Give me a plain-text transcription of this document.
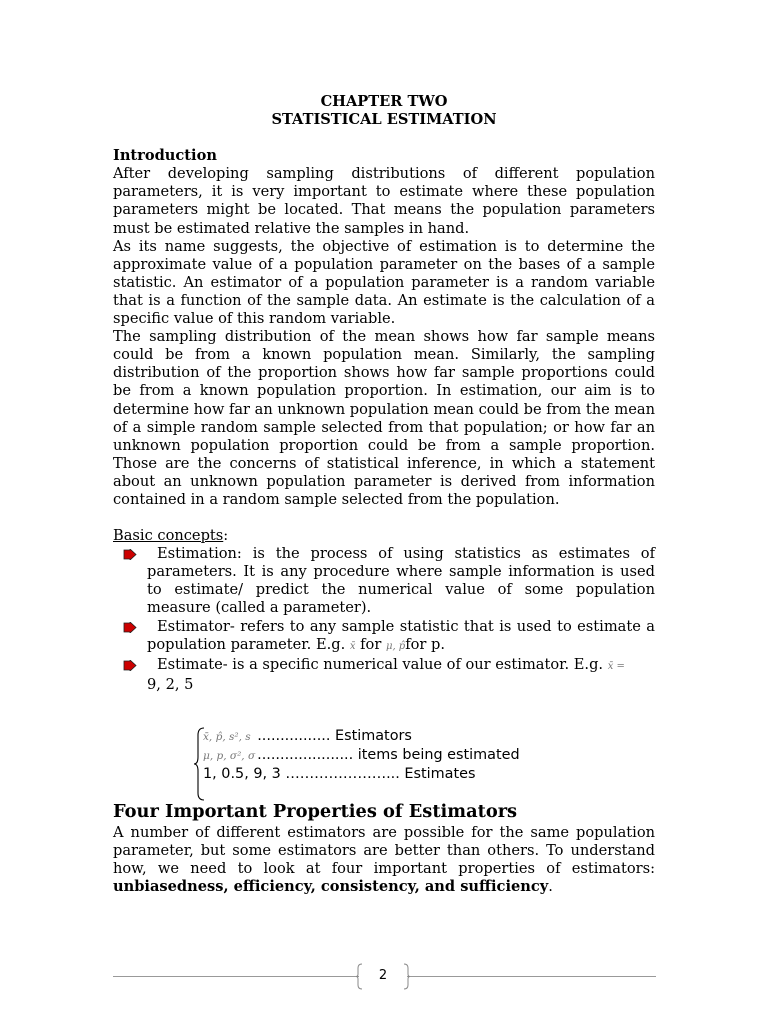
CHAPTER TWO
STATISTICAL ESTIMATION
Introduction

After developing sampling distributions of different population parameters, it is very important to estimate where these population parameters might be located. That means the population parameters must be estimated relative the samples in hand.

As its name suggests, the objective of estimation is to determine the approximate value of a population parameter on the bases of a sample statistic. An estimator of a population parameter is a random variable that is a function of the sample data. An estimate is the calculation of a specific value of this random variable.

The sampling distribution of the mean shows how far sample means could be from a known population mean. Similarly, the sampling distribution of the proportion shows how far sample proportions could be from a known population proportion. In estimation, our aim is to determine how far an unknown population mean could be from the mean of a simple random sample selected from that population; or how far an unknown population proportion could be from a sample proportion. Those are the concerns of statistical inference, in which a statement about an unknown population parameter is derived from information contained in a random sample selected from the population.

Basic concepts:
Estimation: is the process of using statistics as estimates of parameters. It is any procedure where sample information is used to estimate/ predict the numerical value of some population measure (called a parameter).
Estimator- refers to any sample statistic that is used to estimate a population parameter. E.g. x̄ for μ, p̂for p.
Estimate- is a specific numerical value of our estimator. E.g. x̄ =
9, 2, 5
x̄, p̂, s², s ................ Estimators
μ, p, σ², σ ..................... items being estimated
1, 0.5, 9, 3 …………………... Estimates
Four Important Properties of Estimators

A number of different estimators are possible for the same population parameter, but some estimators are better than others. To understand how, we need to look at four important properties of estimators: unbiasedness, efficiency, consistency, and sufficiency.

2
